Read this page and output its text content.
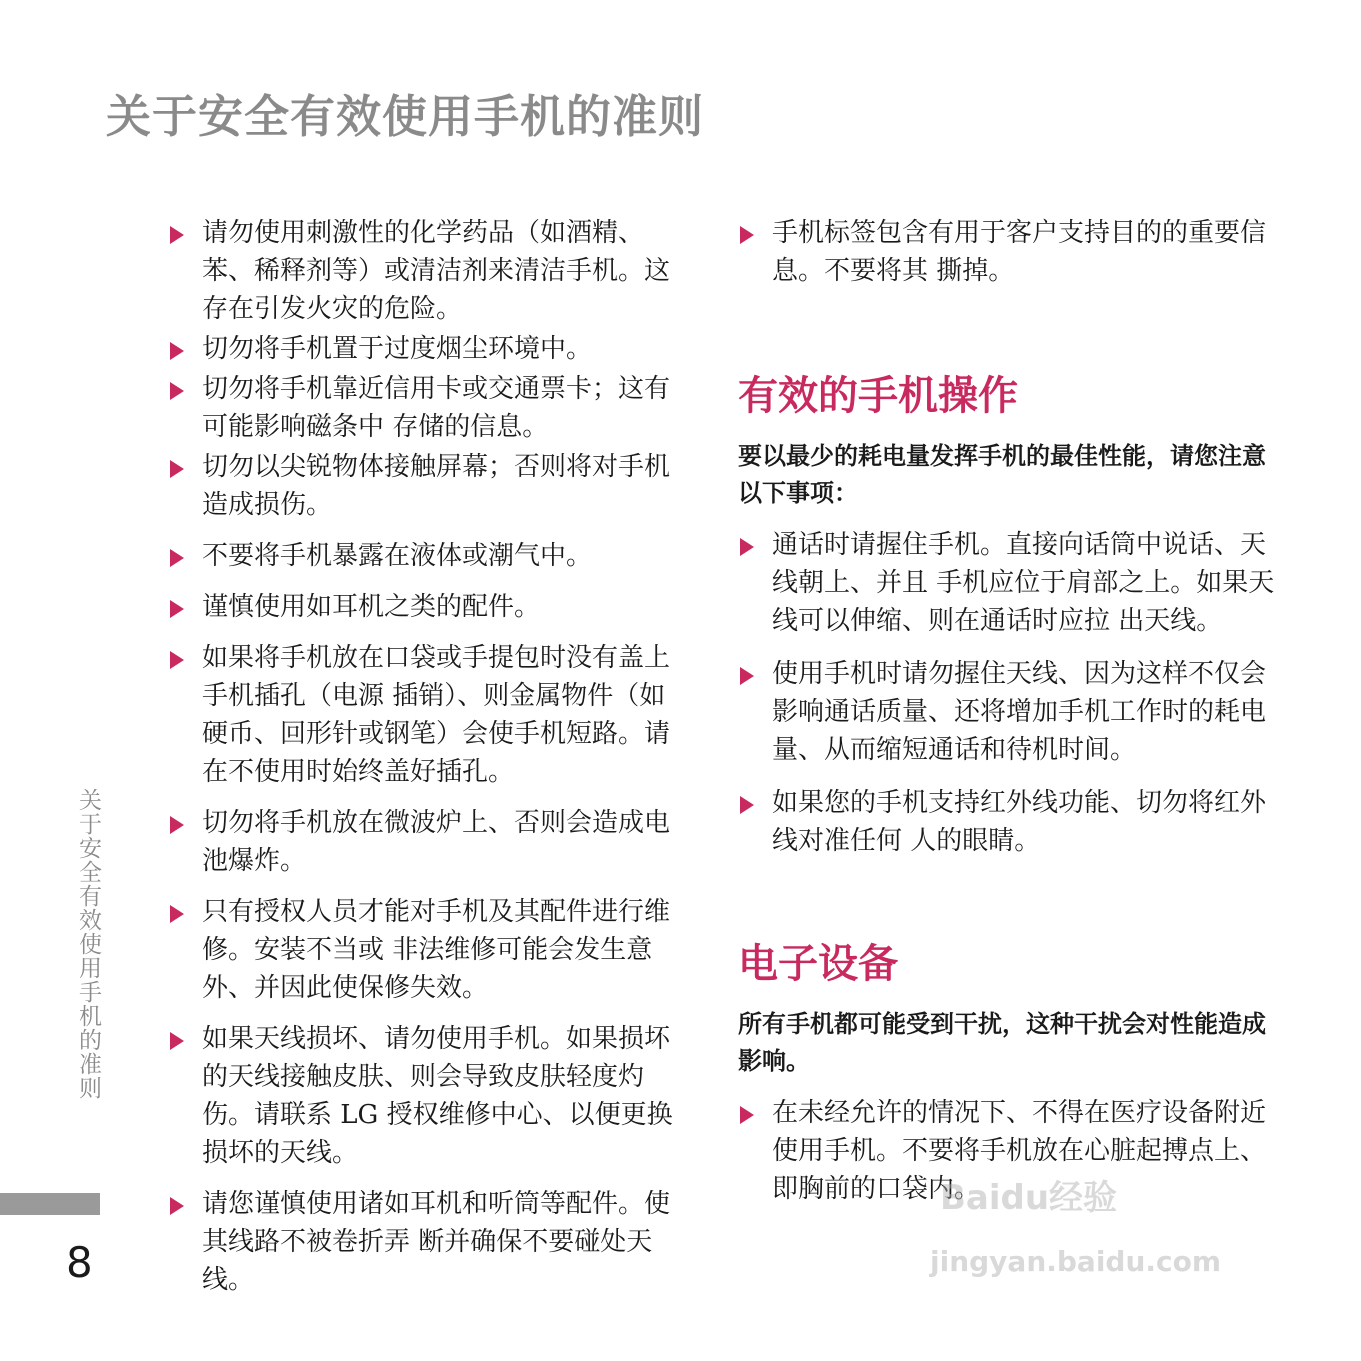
关于安全有效使用手机的准则
请勿使用刺激性的化学药品（如酒精、苯、稀释剂等）或清洁剂来清洁手机。这存在引发火灾的危险。
切勿将手机置于过度烟尘环境中。
切勿将手机靠近信用卡或交通票卡；这有可能影响磁条中 存储的信息。
切勿以尖锐物体接触屏幕；否则将对手机造成损伤。
不要将手机暴露在液体或潮气中。
谨慎使用如耳机之类的配件。
如果将手机放在口袋或手提包时没有盖上手机插孔（电源 插销）、则金属物件（如硬币、回形针或钢笔）会使手机短路。请在不使用时始终盖好插孔。
切勿将手机放在微波炉上、否则会造成电池爆炸。
只有授权人员才能对手机及其配件进行维修。安装不当或 非法维修可能会发生意外、并因此使保修失效。
如果天线损坏、请勿使用手机。如果损坏的天线接触皮肤、则会导致皮肤轻度灼伤。请联系 LG 授权维修中心、以便更换损坏的天线。
请您谨慎使用诸如耳机和听筒等配件。使其线路不被卷折弄 断并确保不要碰处天线。
手机标签包含有用于客户支持目的的重要信息。不要将其 撕掉。
有效的手机操作

要以最少的耗电量发挥手机的最佳性能，请您注意以下事项：

通话时请握住手机。直接向话筒中说话、天线朝上、并且 手机应位于肩部之上。如果天线可以伸缩、则在通话时应拉 出天线。
使用手机时请勿握住天线、因为这样不仅会影响通话质量、还将增加手机工作时的耗电量、从而缩短通话和待机时间。
如果您的手机支持红外线功能、切勿将红外线对准任何 人的眼睛。
电子设备

所有手机都可能受到干扰，这种干扰会对性能造成影响。

在未经允许的情况下、不得在医疗设备附近使用手机。不要将手机放在心脏起搏点上、即胸前的口袋内。
关于安全有效使用手机的准则
8
Baidu经验
jingyan.baidu.com
